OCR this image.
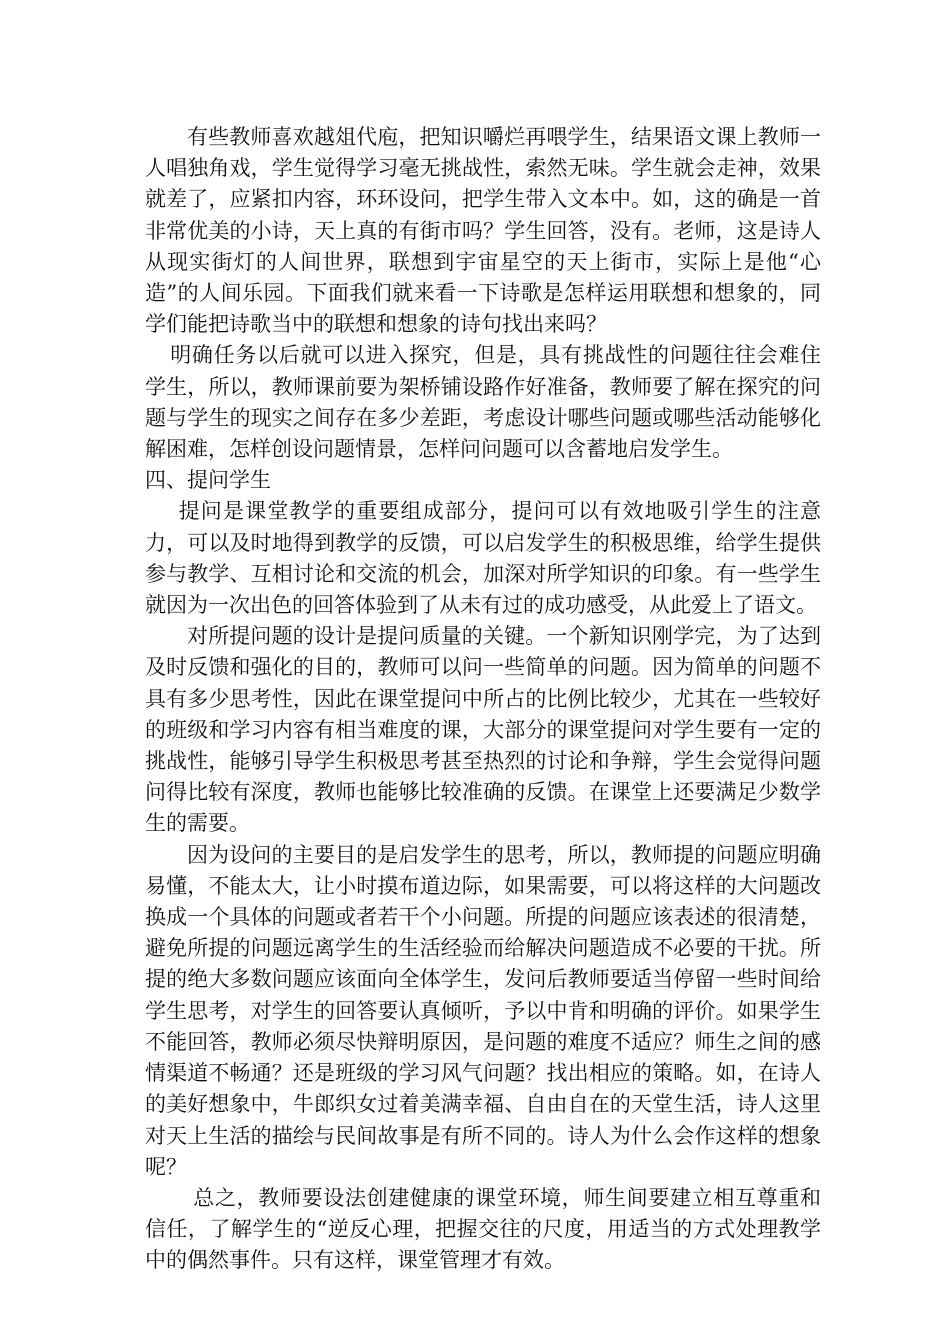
有些教师喜欢越俎代庖，把知识嚼烂再喂学生，结果语文课上教师一人唱独角戏，学生觉得学习毫无挑战性，索然无味。学生就会走神，效果就差了，应紧扣内容，环环设问，把学生带入文本中。如，这的确是一首非常优美的小诗，天上真的有街市吗？学生回答，没有。老师，这是诗人从现实街灯的人间世界，联想到宇宙星空的天上街市，实际上是他“心造”的人间乐园。下面我们就来看一下诗歌是怎样运用联想和想象的，同学们能把诗歌当中的联想和想象的诗句找出来吗？

明确任务以后就可以进入探究，但是，具有挑战性的问题往往会难住学生，所以，教师课前要为架桥铺设路作好准备，教师要了解在探究的问题与学生的现实之间存在多少差距，考虑设计哪些问题或哪些活动能够化解困难，怎样创设问题情景，怎样问问题可以含蓄地启发学生。

四、提问学生

提问是课堂教学的重要组成部分，提问可以有效地吸引学生的注意力，可以及时地得到教学的反馈，可以启发学生的积极思维，给学生提供参与教学、互相讨论和交流的机会，加深对所学知识的印象。有一些学生就因为一次出色的回答体验到了从未有过的成功感受，从此爱上了语文。

对所提问题的设计是提问质量的关键。一个新知识刚学完，为了达到及时反馈和强化的目的，教师可以问一些简单的问题。因为简单的问题不具有多少思考性，因此在课堂提问中所占的比例比较少，尤其在一些较好的班级和学习内容有相当难度的课，大部分的课堂提问对学生要有一定的挑战性，能够引导学生积极思考甚至热烈的讨论和争辩，学生会觉得问题问得比较有深度，教师也能够比较准确的反馈。在课堂上还要满足少数学生的需要。

因为设问的主要目的是启发学生的思考，所以，教师提的问题应明确易懂，不能太大，让小时摸布道边际，如果需要，可以将这样的大问题改换成一个具体的问题或者若干个小问题。所提的问题应该表述的很清楚，避免所提的问题远离学生的生活经验而给解决问题造成不必要的干扰。所提的绝大多数问题应该面向全体学生，发问后教师要适当停留一些时间给学生思考，对学生的回答要认真倾听，予以中肯和明确的评价。如果学生不能回答，教师必须尽快辩明原因，是问题的难度不适应？师生之间的感情渠道不畅通？还是班级的学习风气问题？找出相应的策略。如，在诗人的美好想象中，牛郎织女过着美满幸福、自由自在的天堂生活，诗人这里对天上生活的描绘与民间故事是有所不同的。诗人为什么会作这样的想象呢？

总之，教师要设法创建健康的课堂环境，师生间要建立相互尊重和信任，了解学生的“逆反心理，把握交往的尺度，用适当的方式处理教学中的偶然事件。只有这样，课堂管理才有效。
